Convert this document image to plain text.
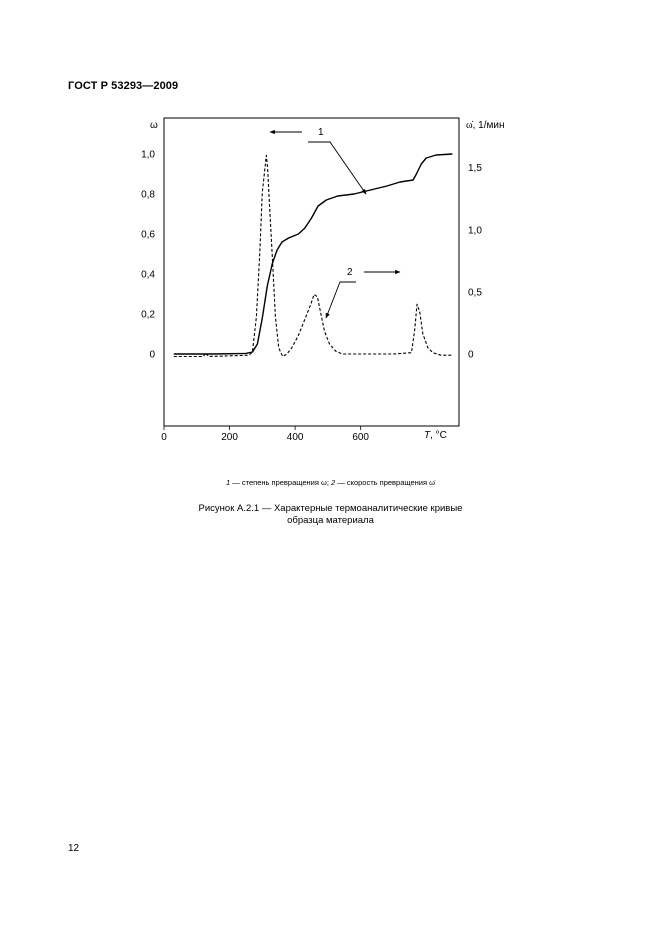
ГОСТ Р 53293—2009
0	200	400	600	T, °С
0
0,2
0,4
0,6
0,8
1,0
ω
0
0,5
1,0
1,5
ω̇, 1/мин
1
2
1 — степень превращения ω; 2 — скорость превращения ω̇
Рисунок А.2.1 — Характерные термоаналитические кривые
образца материала
12
